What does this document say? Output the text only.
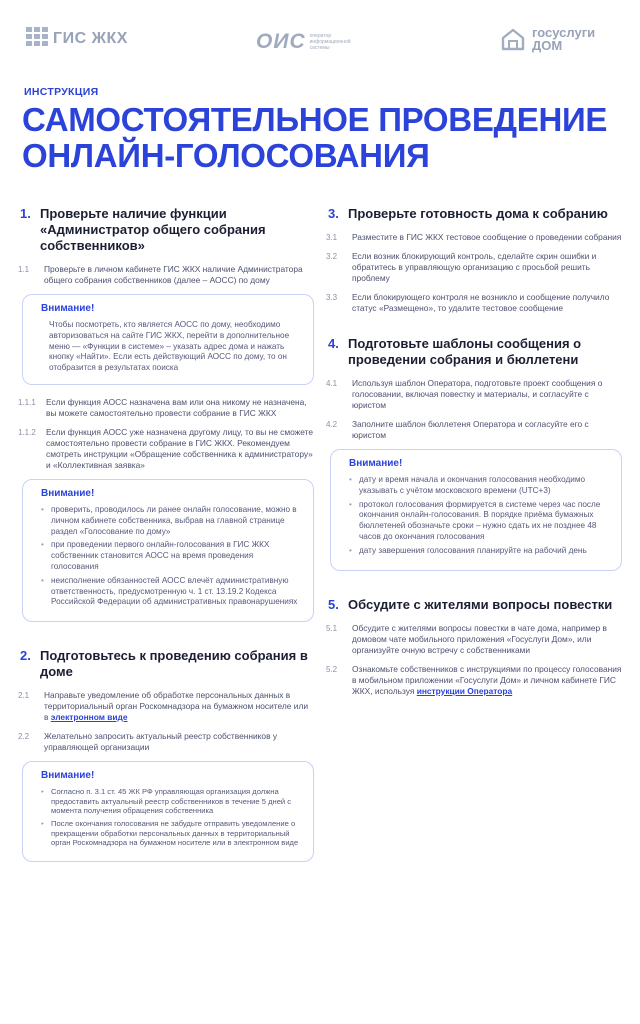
ГИС ЖКХ	ОИС оператор информационной системы
госуслуги
ДОМ
ИНСТРУКЦИЯ
САМОСТОЯТЕЛЬНОЕ ПРОВЕДЕНИЕ ОНЛАЙН-ГОЛОСОВАНИЯ
1. Проверьте наличие функции «Администратор общего собрания собственников»
1.1	Проверьте в личном кабинете ГИС ЖКХ наличие Администратора общего собрания собственников (далее – АОСС) по дому
Внимание!
Чтобы посмотреть, кто является АОСС по дому, необходимо авторизоваться на сайте ГИС ЖКХ, перейти в дополнительное меню — «Функции в системе» – указать адрес дома и нажать кнопку «Найти». Если есть действующий АОСС по дому, то он отобразится в результатах поиска
1.1.1	Если функция АОСС назначена вам или она никому не назначена, вы можете самостоятельно провести собрание в ГИС ЖКХ
1.1.2	Если функция АОСС уже назначена другому лицу, то вы не сможете самостоятельно провести собрание в ГИС ЖКХ. Рекомендуем смотреть инструкции «Обращение собственника к администратору» и «Коллективная заявка»
Внимание!
• проверить, проводилось ли ранее онлайн голосование, можно в личном кабинете собственника, выбрав на главной странице раздел «Голосование по дому»
• при проведении первого онлайн-голосования в ГИС ЖКХ собственник становится АОСС на время проведения голосования
• неисполнение обязанностей АОСС влечёт административную ответственность, предусмотренную ч. 1 ст. 13.19.2 Кодекса Российской Федерации об административных правонарушениях
2. Подготовьтесь к проведению собрания в доме
2.1	Направьте уведомление об обработке персональных данных в территориальный орган Роскомнадзора на бумажном носителе или в электронном виде
2.2	Желательно запросить актуальный реестр собственников у управляющей организации
Внимание!
• Согласно п. 3.1 ст. 45 ЖК РФ управляющая организация должна предоставить актуальный реестр собственников в течение 5 дней с момента получения обращения собственника
• После окончания голосования не забудьте отправить уведомление о прекращении обработки персональных данных в территориальный орган Роскомнадзора на бумажном носителе или в электронном виде
3. Проверьте готовность дома к собранию
3.1	Разместите в ГИС ЖКХ тестовое сообщение о проведении собрания
3.2	Если возник блокирующий контроль, сделайте скрин ошибки и обратитесь в управляющую организацию с просьбой решить проблему
3.3	Если блокирующего контроля не возникло и сообщение получило статус «Размещено», то удалите тестовое сообщение
4. Подготовьте шаблоны сообщения о проведении собрания и бюллетени
4.1	Используя шаблон Оператора, подготовьте проект сообщения о голосовании, включая повестку и материалы, и согласуйте с юристом
4.2	Заполните шаблон бюллетеня Оператора и согласуйте его с юристом
Внимание!
• дату и время начала и окончания голосования необходимо указывать с учётом московского времени (UTC+3)
• протокол голосования формируется в системе через час после окончания онлайн-голосования. В порядке приёма бумажных бюллетеней обозначьте сроки – нужно сдать их не позднее 48 часов до окончания голосования
• дату завершения голосования планируйте на рабочий день
5. Обсудите с жителями вопросы повестки
5.1	Обсудите с жителями вопросы повестки в чате дома, например в домовом чате мобильного приложения «Госуслуги Дом», или организуйте очную встречу с собственниками
5.2	Ознакомьте собственников с инструкциями по процессу голосования в мобильном приложении «Госуслуги Дом» и личном кабинете ГИС ЖКХ, используя инструкции Оператора
